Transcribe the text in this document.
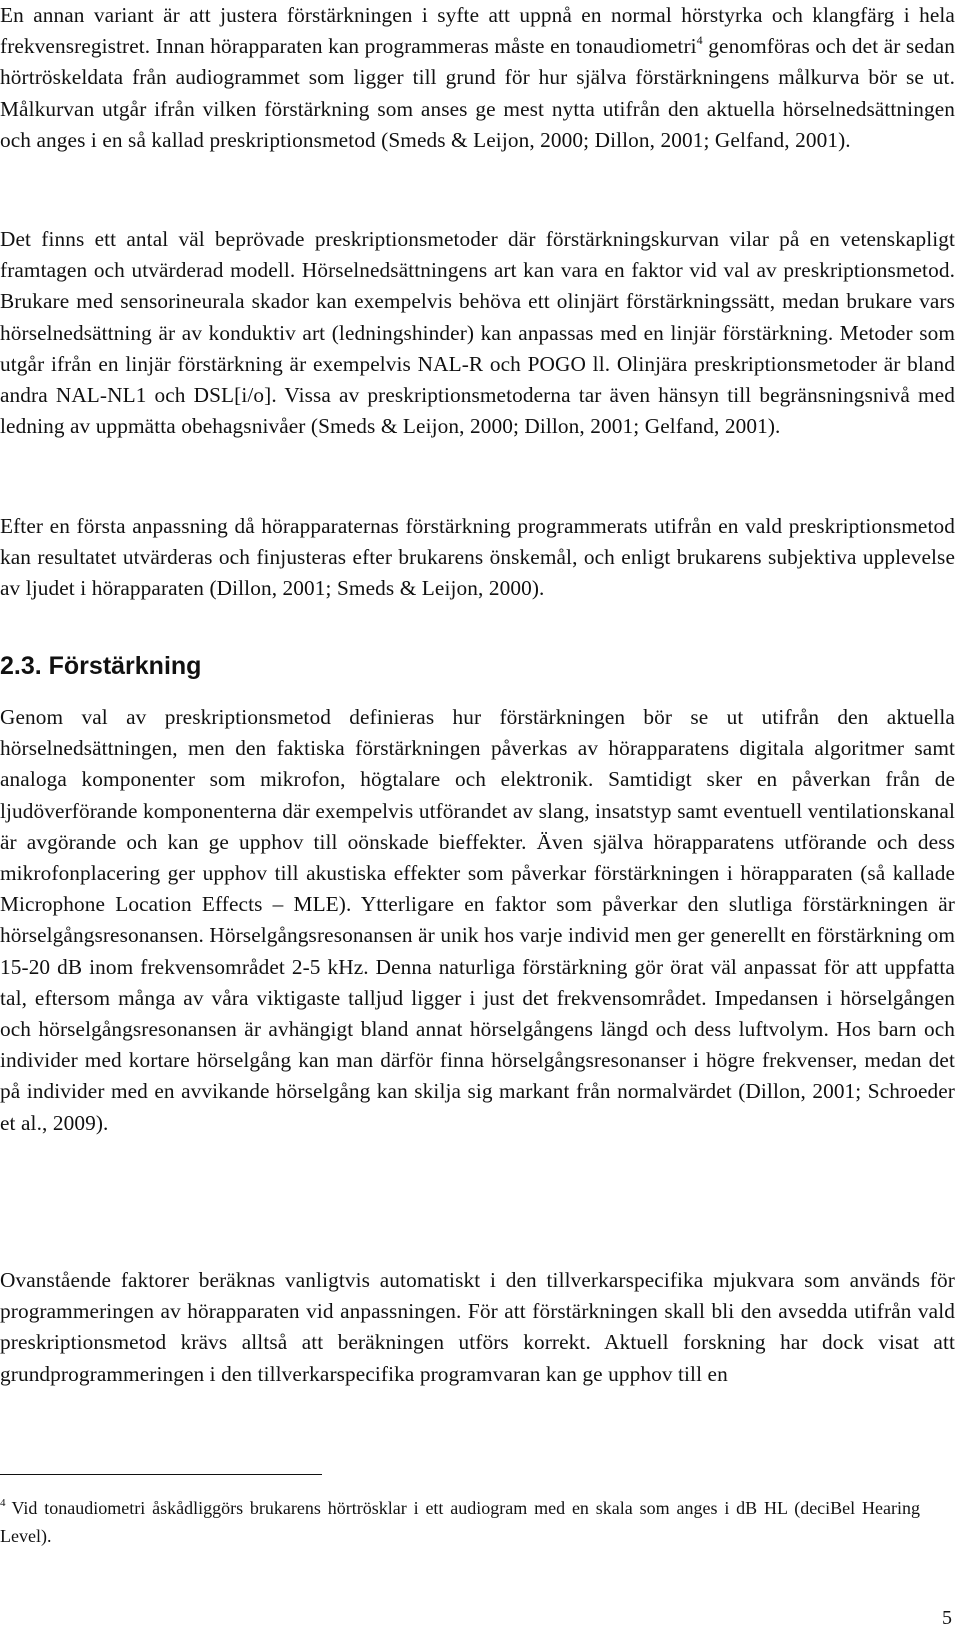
En annan variant är att justera förstärkningen i syfte att uppnå en normal hörstyrka och klangfärg i hela frekvensregistret. Innan hörapparaten kan programmeras måste en tonaudiometri$^4$ genomföras och det är sedan hörtröskeldata från audiogrammet som ligger till grund för hur själva förstärkningens målkurva bör se ut. Målkurvan utgår ifrån vilken förstärkning som anses ge mest nytta utifrån den aktuella hörselnedsättningen och anges i en så kallad preskriptionsmetod (Smeds & Leijon, 2000; Dillon, 2001; Gelfand, 2001).

Det finns ett antal väl beprövade preskriptionsmetoder där förstärkningskurvan vilar på en vetenskapligt framtagen och utvärderad modell. Hörselnedsättningens art kan vara en faktor vid val av preskriptionsmetod. Brukare med sensorineurala skador kan exempelvis behöva ett olinjärt förstärkningssätt, medan brukare vars hörselnedsättning är av konduktiv art (ledningshinder) kan anpassas med en linjär förstärkning. Metoder som utgår ifrån en linjär förstärkning är exempelvis NAL-R och POGO ll. Olinjära preskriptionsmetoder är bland andra NAL-NL1 och DSL[i/o]. Vissa av preskriptionsmetoderna tar även hänsyn till begränsningsnivå med ledning av uppmätta obehagsnivåer (Smeds & Leijon, 2000; Dillon, 2001; Gelfand, 2001).

Efter en första anpassning då hörapparaternas förstärkning programmerats utifrån en vald preskriptionsmetod kan resultatet utvärderas och finjusteras efter brukarens önskemål, och enligt brukarens subjektiva upplevelse av ljudet i hörapparaten (Dillon, 2001; Smeds & Leijon, 2000).

2.3. Förstärkning

Genom val av preskriptionsmetod definieras hur förstärkningen bör se ut utifrån den aktuella hörselnedsättningen, men den faktiska förstärkningen påverkas av hörapparatens digitala algoritmer samt analoga komponenter som mikrofon, högtalare och elektronik. Samtidigt sker en påverkan från de ljudöverförande komponenterna där exempelvis utförandet av slang, insatstyp samt eventuell ventilationskanal är avgörande och kan ge upphov till oönskade bieffekter. Även själva hörapparatens utförande och dess mikrofonplacering ger upphov till akustiska effekter som påverkar förstärkningen i hörapparaten (så kallade Microphone Location Effects – MLE). Ytterligare en faktor som påverkar den slutliga förstärkningen är hörselgångsresonansen. Hörselgångsresonansen är unik hos varje individ men ger generellt en förstärkning om 15-20 dB inom frekvensområdet 2-5 kHz. Denna naturliga förstärkning gör örat väl anpassat för att uppfatta tal, eftersom många av våra viktigaste talljud ligger i just det frekvensområdet. Impedansen i hörselgången och hörselgångsresonansen är avhängigt bland annat hörselgångens längd och dess luftvolym. Hos barn och individer med kortare hörselgång kan man därför finna hörselgångsresonanser i högre frekvenser, medan det på individer med en avvikande hörselgång kan skilja sig markant från normalvärdet (Dillon, 2001; Schroeder et al., 2009).

Ovanstående faktorer beräknas vanligtvis automatiskt i den tillverkarspecifika mjukvara som används för programmeringen av hörapparaten vid anpassningen. För att förstärkningen skall bli den avsedda utifrån vald preskriptionsmetod krävs alltså att beräkningen utförs korrekt. Aktuell forskning har dock visat att grundprogrammeringen i den tillverkarspecifika programvaran kan ge upphov till en

$^4$ Vid tonaudiometri åskådliggörs brukarens hörtrösklar i ett audiogram med en skala som anges i dB HL (deciBel Hearing Level).

5
